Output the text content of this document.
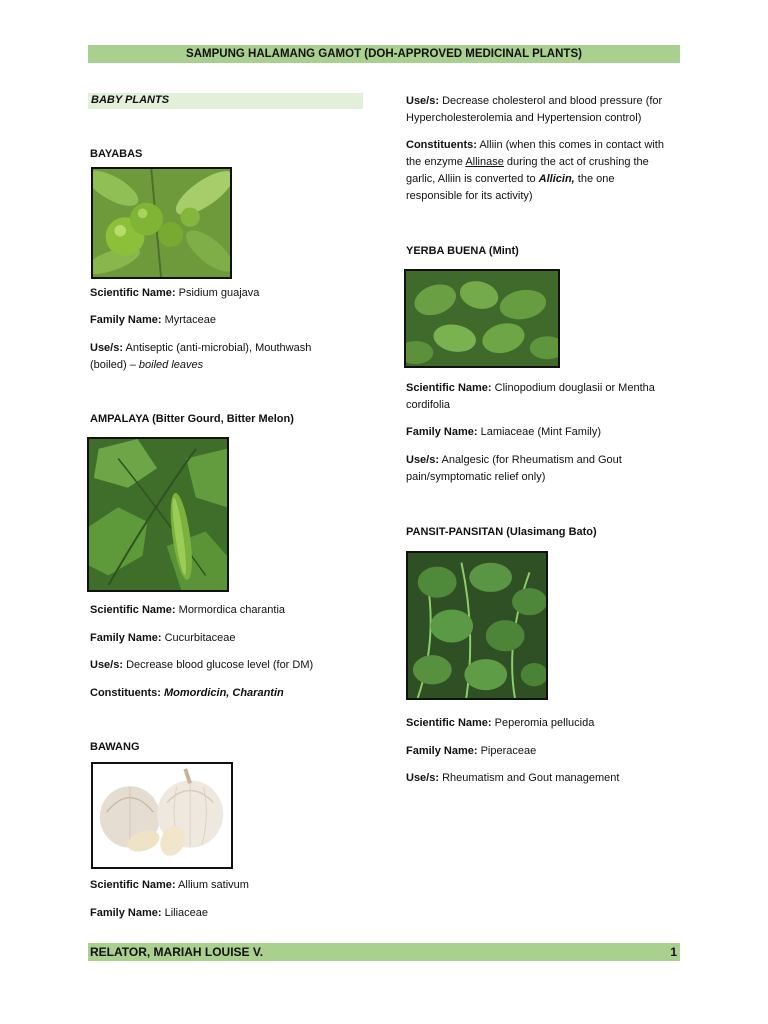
SAMPUNG HALAMANG GAMOT (DOH-APPROVED MEDICINAL PLANTS)
BABY PLANTS
BAYABAS
Scientific Name: Psidium guajava
Family Name: Myrtaceae
Use/s: Antiseptic (anti-microbial), Mouthwash
(boiled) – boiled leaves
AMPALAYA (Bitter Gourd, Bitter Melon)
Scientific Name: Mormordica charantia
Family Name: Cucurbitaceae
Use/s: Decrease blood glucose level (for DM)
Constituents: Momordicin, Charantin
BAWANG
Scientific Name: Allium sativum
Family Name: Liliaceae
Use/s: Decrease cholesterol and blood pressure (for
Hypercholesterolemia and Hypertension control)
Constituents: Alliin (when this comes in contact with
the enzyme Allinase during the act of crushing the
garlic, Alliin is converted to Allicin, the one
responsible for its activity)
YERBA BUENA (Mint)
Scientific Name: Clinopodium douglasii or Mentha
cordifolia
Family Name: Lamiaceae (Mint Family)
Use/s: Analgesic (for Rheumatism and Gout
pain/symptomatic relief only)
PANSIT-PANSITAN (Ulasimang Bato)
Scientific Name: Peperomia pellucida
Family Name: Piperaceae
Use/s: Rheumatism and Gout management
RELATOR, MARIAH LOUISE V.	1
